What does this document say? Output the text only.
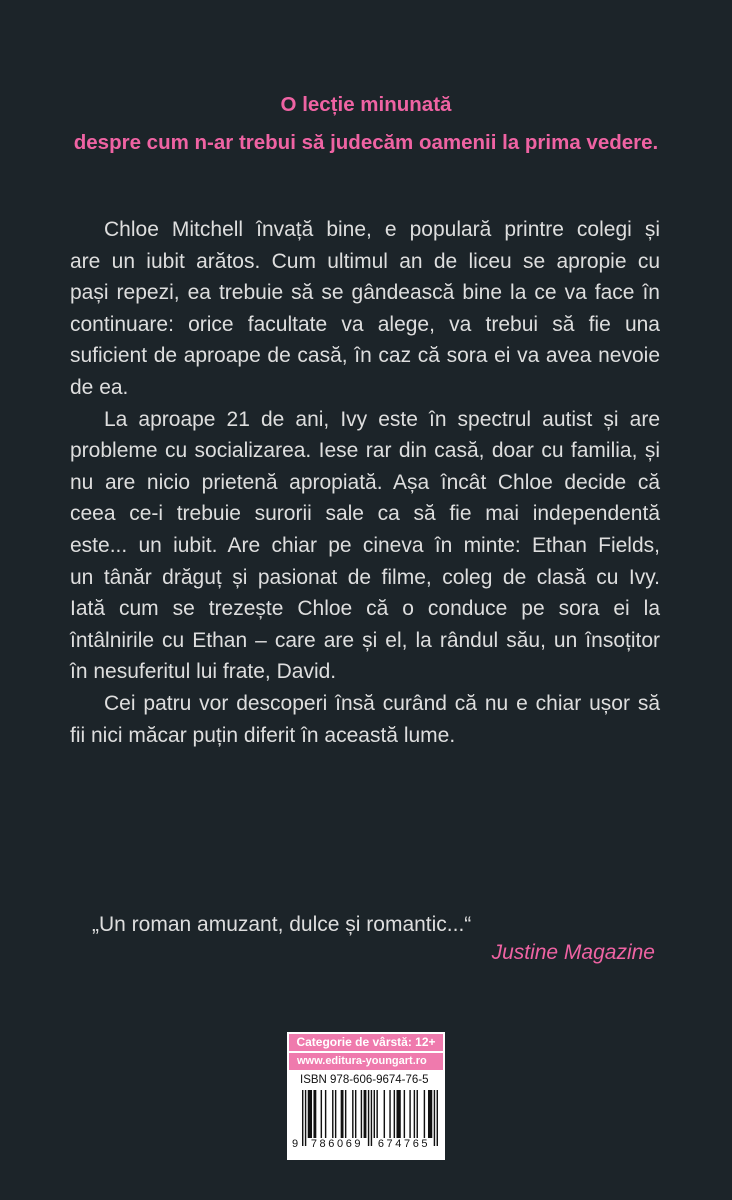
O lecție minunată
despre cum n-ar trebui să judecăm oamenii la prima vedere.
Chloe Mitchell învață bine, e populară printre colegi și
are un iubit arătos. Cum ultimul an de liceu se apropie cu
pași repezi, ea trebuie să se gândească bine la ce va face în
continuare: orice facultate va alege, va trebui să fie una
suficient de aproape de casă, în caz că sora ei va avea nevoie
de ea.
La aproape 21 de ani, Ivy este în spectrul autist și are
probleme cu socializarea. Iese rar din casă, doar cu familia, și
nu are nicio prietenă apropiată. Așa încât Chloe decide că
ceea ce-i trebuie surorii sale ca să fie mai independentă
este... un iubit. Are chiar pe cineva în minte: Ethan Fields,
un tânăr drăguț și pasionat de filme, coleg de clasă cu Ivy.
Iată cum se trezește Chloe că o conduce pe sora ei la
întâlnirile cu Ethan – care are și el, la rândul său, un însoțitor
în nesuferitul lui frate, David.
Cei patru vor descoperi însă curând că nu e chiar ușor să
fii nici măcar puțin diferit în această lume.
„Un roman amuzant, dulce și romantic...“
Justine Magazine
Categorie de vârstă: 12+
www.editura-youngart.ro
ISBN 978-606-9674-76-5
9	786069	674765
